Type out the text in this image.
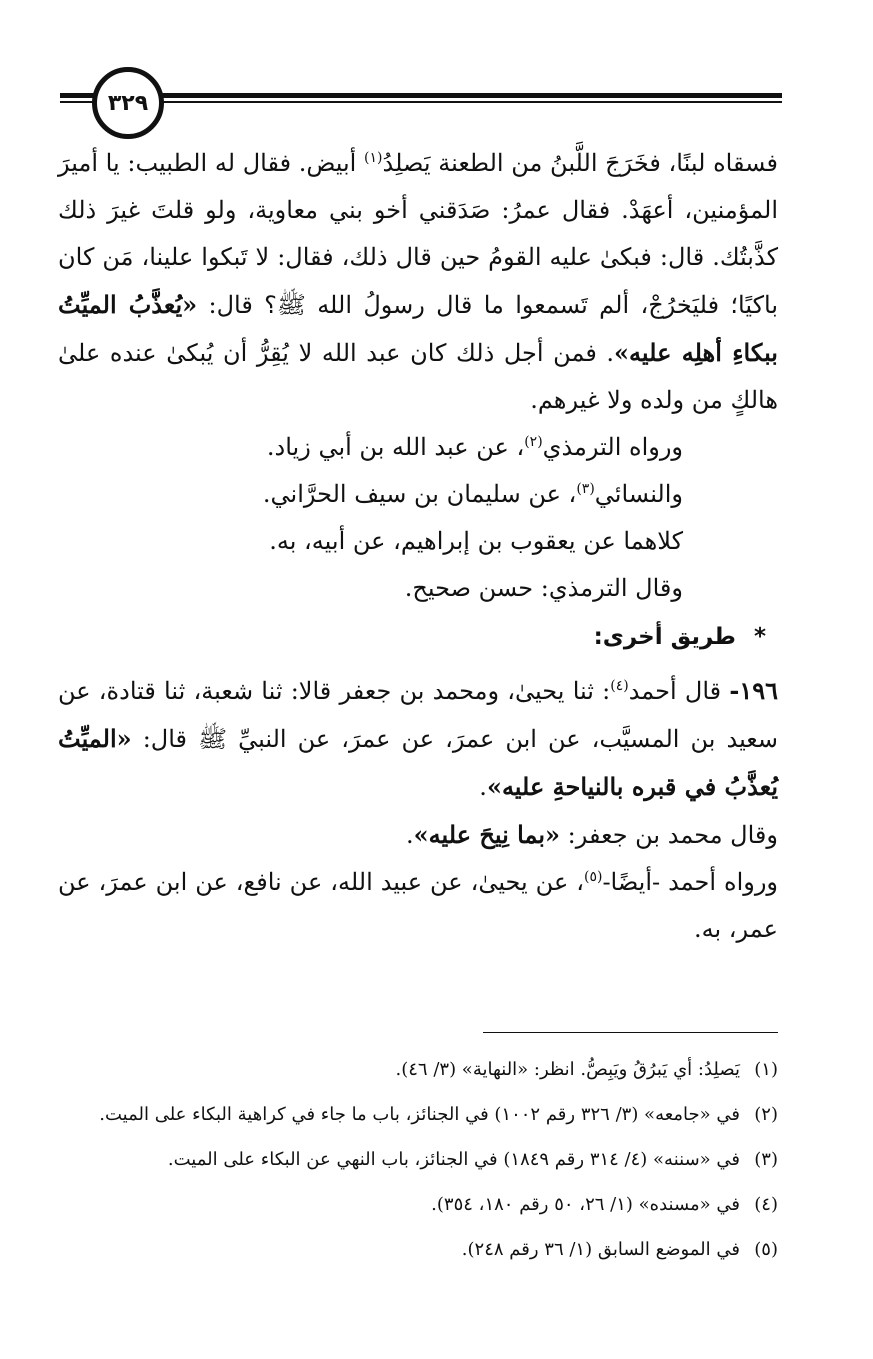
٣٢٩

فسقاه لبنًا، فخَرَجَ اللَّبنُ من الطعنة يَصلِدُ$^{(١)}$ أبيض. فقال له الطبيب: يا أميرَ المؤمنين، أعهَدْ. فقال عمرُ: صَدَقني أخو بني معاوية، ولو قلتَ غيرَ ذلك كذَّبتُك. قال: فبكىٰ عليه القومُ حين قال ذلك، فقال: لا تَبكوا علينا، مَن كان باكيًا؛ فليَخرُجْ، ألم تَسمعوا ما قال رسولُ الله ﷺ؟ قال: «يُعذَّبُ الميِّتُ ببكاءِ أهلِه عليه». فمن أجل ذلك كان عبد الله لا يُقِرُّ أن يُبكىٰ عنده علىٰ هالكٍ من ولده ولا غيرهم.

ورواه الترمذي$^{(٢)}$، عن عبد الله بن أبي زياد.

والنسائي$^{(٣)}$، عن سليمان بن سيف الحرَّاني.

كلاهما عن يعقوب بن إبراهيم، عن أبيه، به.

وقال الترمذي: حسن صحيح.

*طريق أخرى:

١٩٦- قال أحمد$^{(٤)}$: ثنا يحيىٰ، ومحمد بن جعفر قالا: ثنا شعبة، ثنا قتادة، عن سعيد بن المسيَّب، عن ابن عمرَ، عن عمرَ، عن النبيِّ ﷺ قال: «الميِّتُ يُعذَّبُ في قبره بالنياحةِ عليه».

وقال محمد بن جعفر: «بما نِيحَ عليه».

ورواه أحمد -أيضًا-$^{(٥)}$، عن يحيىٰ، عن عبيد الله، عن نافع، عن ابن عمرَ، عن عمر، به.

(١)يَصلِدُ: أي يَبرُقُ ويَبِصُّ. انظر: «النهاية» (٣/ ٤٦).

(٢)في «جامعه» (٣/ ٣٢٦ رقم ١٠٠٢) في الجنائز، باب ما جاء في كراهية البكاء على الميت.

(٣)في «سننه» (٤/ ٣١٤ رقم ١٨٤٩) في الجنائز، باب النهي عن البكاء على الميت.

(٤)في «مسنده» (١/ ٢٦، ٥٠ رقم ١٨٠، ٣٥٤).

(٥)في الموضع السابق (١/ ٣٦ رقم ٢٤٨).
